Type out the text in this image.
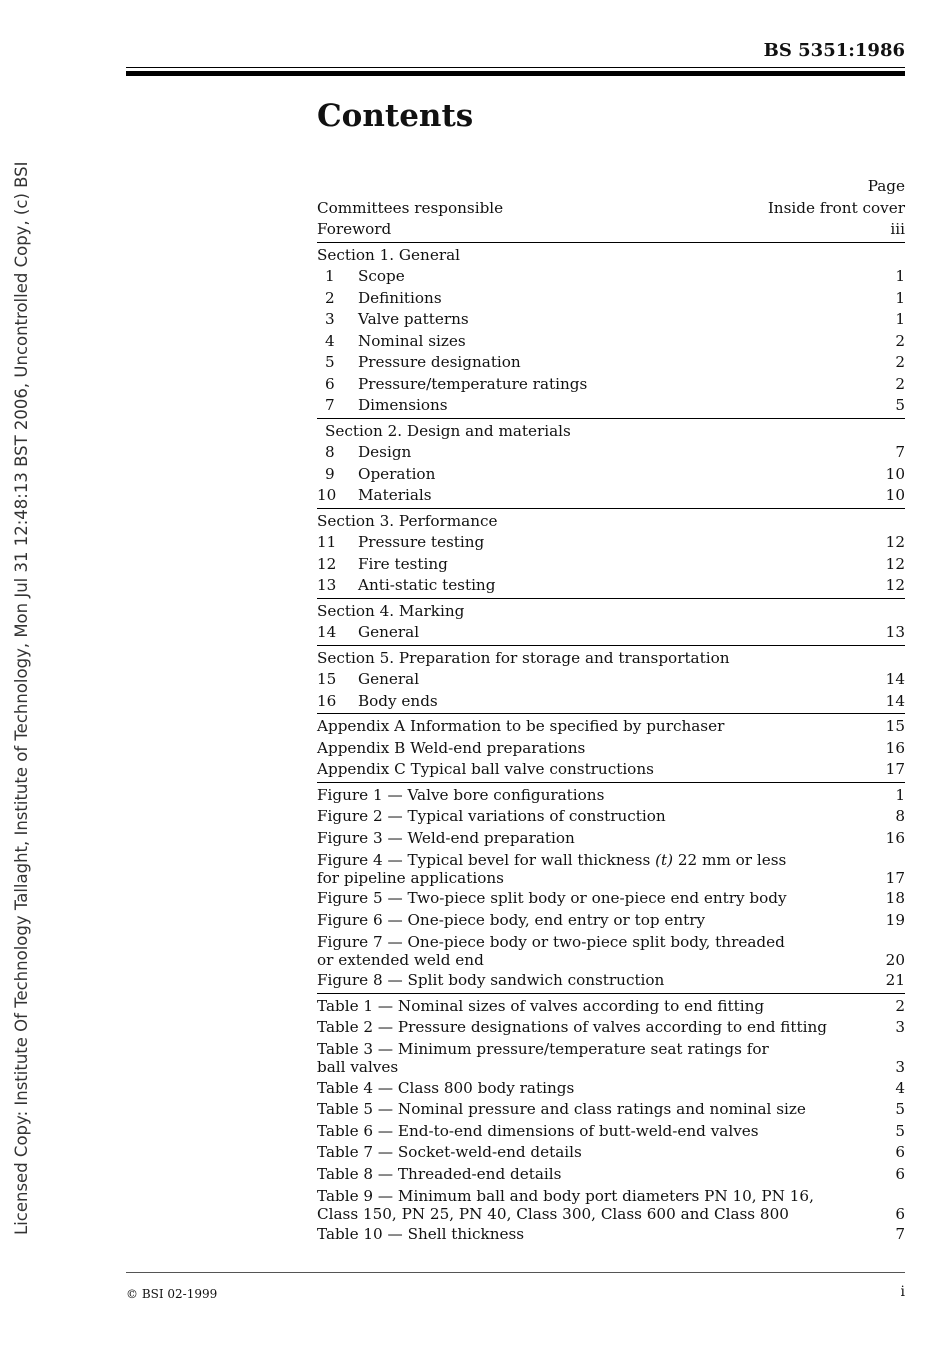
Licensed Copy: Institute Of Technology Tallaght, Institute of Technology, Mon Jul 31 12:48:13 BST 2006, Uncontrolled Copy, (c) BSI
BS 5351:1986
Contents
Page
Committees responsible	Inside front cover
Foreword	iii
Section 1. General
1	Scope	1
2	Definitions	1
3	Valve patterns	1
4	Nominal sizes	2
5	Pressure designation	2
6	Pressure/temperature ratings	2
7	Dimensions	5
Section 2. Design and materials
8	Design	7
9	Operation	10
10	Materials	10
Section 3. Performance
11	Pressure testing	12
12	Fire testing	12
13	Anti-static testing	12
Section 4. Marking
14	General	13
Section 5. Preparation for storage and transportation
15	General	14
16	Body ends	14
Appendix A Information to be specified by purchaser	15
Appendix B Weld-end preparations	16
Appendix C Typical ball valve constructions	17
Figure 1 — Valve bore configurations	1
Figure 2 — Typical variations of construction	8
Figure 3 — Weld-end preparation	16
Figure 4 — Typical bevel for wall thickness (t) 22 mm or less
for pipeline applications	17
Figure 5 — Two-piece split body or one-piece end entry body	18
Figure 6 — One-piece body, end entry or top entry	19
Figure 7 — One-piece body or two-piece split body, threaded
or extended weld end	20
Figure 8 — Split body sandwich construction	21
Table 1 — Nominal sizes of valves according to end fitting	2
Table 2 — Pressure designations of valves according to end fitting	3
Table 3 — Minimum pressure/temperature seat ratings for
ball valves	3
Table 4 — Class 800 body ratings	4
Table 5 — Nominal pressure and class ratings and nominal size	5
Table 6 — End-to-end dimensions of butt-weld-end valves	5
Table 7 — Socket-weld-end details	6
Table 8 — Threaded-end details	6
Table 9 — Minimum ball and body port diameters PN 10, PN 16,
Class 150, PN 25, PN 40, Class 300, Class 600 and Class 800	6
Table 10 — Shell thickness	7
© BSI 02-1999	i
